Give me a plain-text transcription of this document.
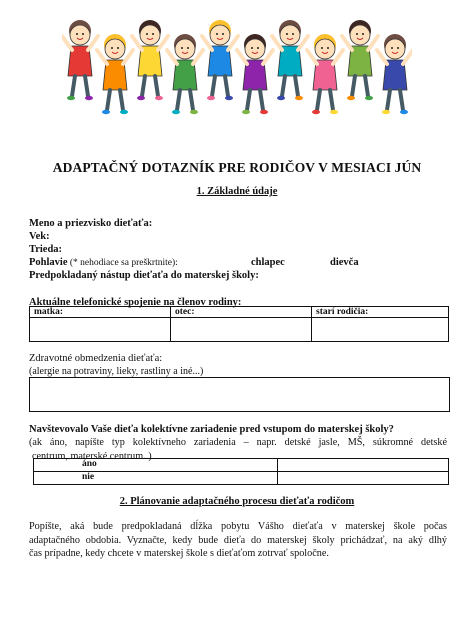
ADAPTAČNÝ DOTAZNÍK PRE RODIČOV V MESIACI JÚN
1. Základné údaje
Meno a priezvisko dieťaťa:
Vek:
Trieda:
Pohlavie (* nehodiace sa preškrtnite):	chlapec	dievča
Predpokladaný nástup dieťaťa do materskej školy:
Aktuálne telefonické spojenie na členov rodiny:
matka:	otec:	starí rodičia:

Zdravotné obmedzenia dieťaťa:
(alergie na potraviny, lieky, rastliny a iné...)
Navštevovalo Vaše dieťa kolektívne zariadenie pred vstupom do materskej školy?
(ak áno, napíšte typ kolektívneho zariadenia – napr. detské jasle, MŠ, súkromné detské
centrum, materské centrum..)
áno	
nie	
2. Plánovanie adaptačného procesu dieťaťa rodičom
Popíšte, aká bude predpokladaná dĺžka pobytu Vášho dieťaťa v materskej škole počas
adaptačného obdobia. Vyznačte, kedy bude dieťa do materskej školy prichádzať, na aký dlhý
čas prípadne, kedy chcete v materskej škole s dieťaťom zotrvať spoločne.
